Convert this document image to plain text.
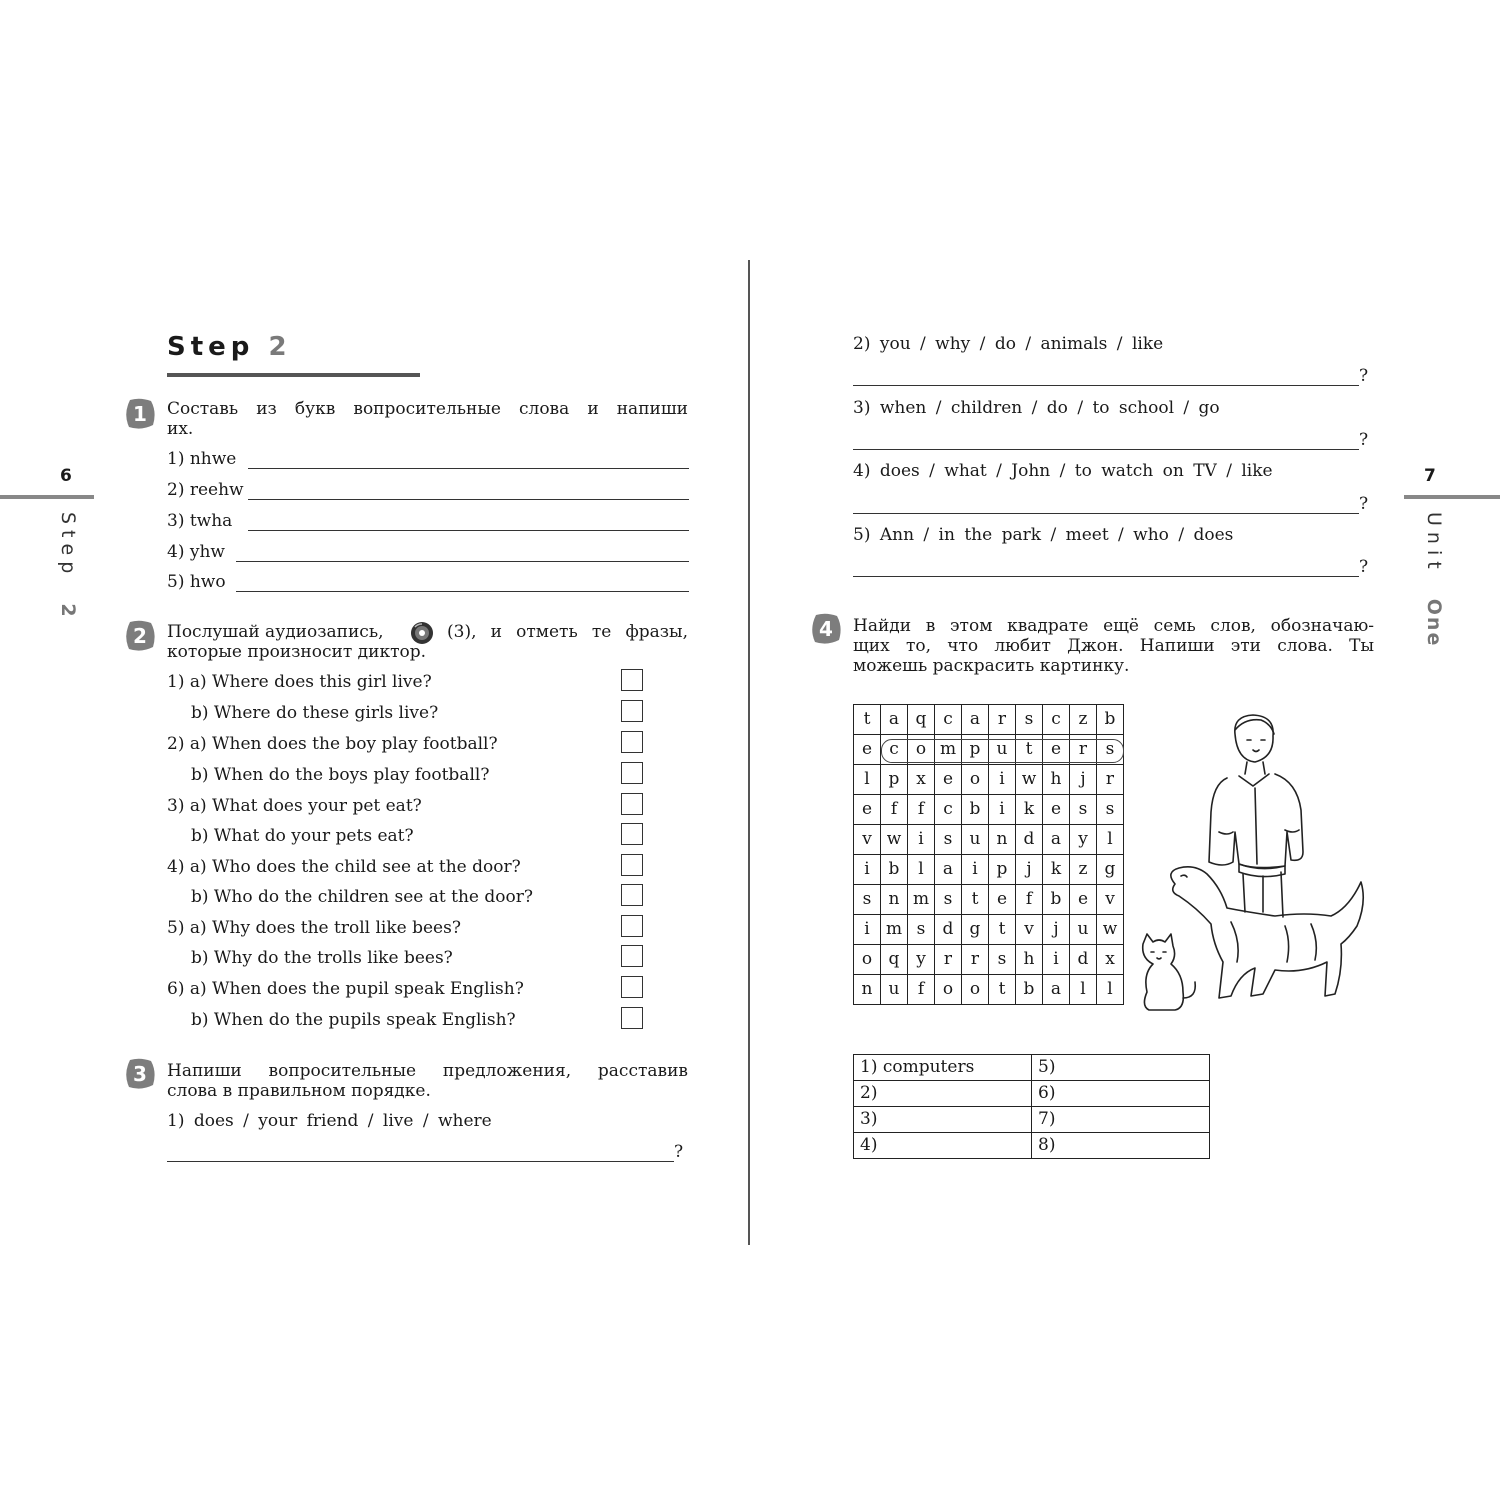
6
Step  2
Step 2
1	Составь из букв вопросительные слова и напиши
их.
1) nhwe
2) reehw
3) twha
4) yhw
5) hwo
2	Послушай аудиозапись,	(3), и отметь те фразы,
которые произносит диктор.
1) a) Where does this girl live?
b) Where do these girls live?
2) a) When does the boy play football?
b) When do the boys play football?
3) a) What does your pet eat?
b) What do your pets eat?
4) a) Who does the child see at the door?
b) Who do the children see at the door?
5) a) Why does the troll like bees?
b) Why do the trolls like bees?
6) a) When does the pupil speak English?
b) When do the pupils speak English?
3	Напиши вопросительные предложения, расставив
слова в правильном порядке.
1) does / your friend / live / where
?
7
Unit  One
2) you / why / do / animals / like
?
3) when / children / do / to school / go
?
4) does / what / John / to watch on TV / like
?
5) Ann / in the park / meet / who / does
?
4	Найди в этом квадрате ещё семь слов, обозначаю-
щих то, что любит Джон. Напиши эти слова. Ты
можешь раскрасить картинку.
t	a	q	c	a	r	s	c	z	b
e	c	o	m	p	u	t	e	r	s
l	p	x	e	o	i	w	h	j	r
e	f	f	c	b	i	k	e	s	s
v	w	i	s	u	n	d	a	y	l
i	b	l	a	i	p	j	k	z	g
s	n	m	s	t	e	f	b	e	v
i	m	s	d	g	t	v	j	u	w
o	q	y	r	r	s	h	i	d	x
n	u	f	o	o	t	b	a	l	l
1) computers	5)
2)	6)
3)	7)
4)	8)
